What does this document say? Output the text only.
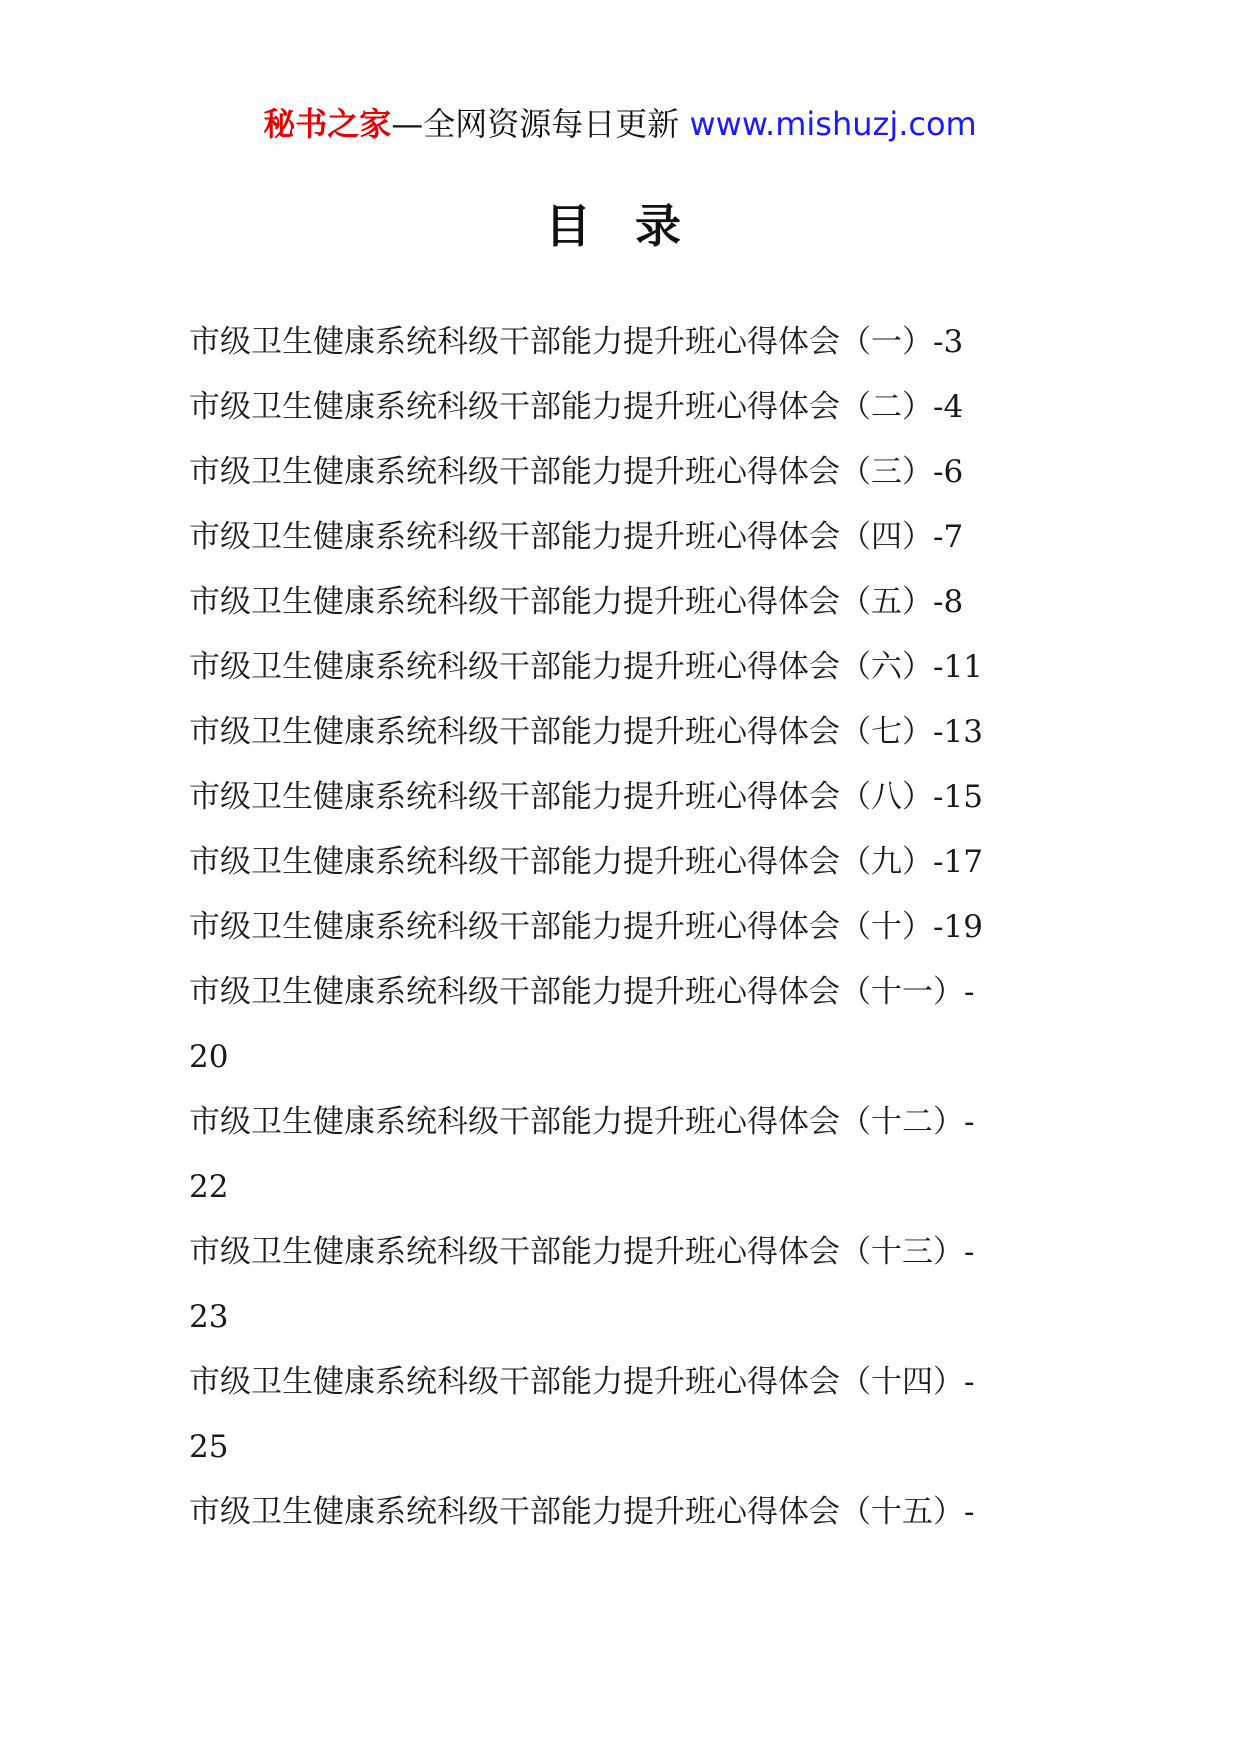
秘书之家—全网资源每日更新 www.mishuzj.com
目 录
市级卫生健康系统科级干部能力提升班心得体会（一）-3
市级卫生健康系统科级干部能力提升班心得体会（二）-4
市级卫生健康系统科级干部能力提升班心得体会（三）-6
市级卫生健康系统科级干部能力提升班心得体会（四）-7
市级卫生健康系统科级干部能力提升班心得体会（五）-8
市级卫生健康系统科级干部能力提升班心得体会（六）-11
市级卫生健康系统科级干部能力提升班心得体会（七）-13
市级卫生健康系统科级干部能力提升班心得体会（八）-15
市级卫生健康系统科级干部能力提升班心得体会（九）-17
市级卫生健康系统科级干部能力提升班心得体会（十）-19
市级卫生健康系统科级干部能力提升班心得体会（十一）-
20
市级卫生健康系统科级干部能力提升班心得体会（十二）-
22
市级卫生健康系统科级干部能力提升班心得体会（十三）-
23
市级卫生健康系统科级干部能力提升班心得体会（十四）-
25
市级卫生健康系统科级干部能力提升班心得体会（十五）-
